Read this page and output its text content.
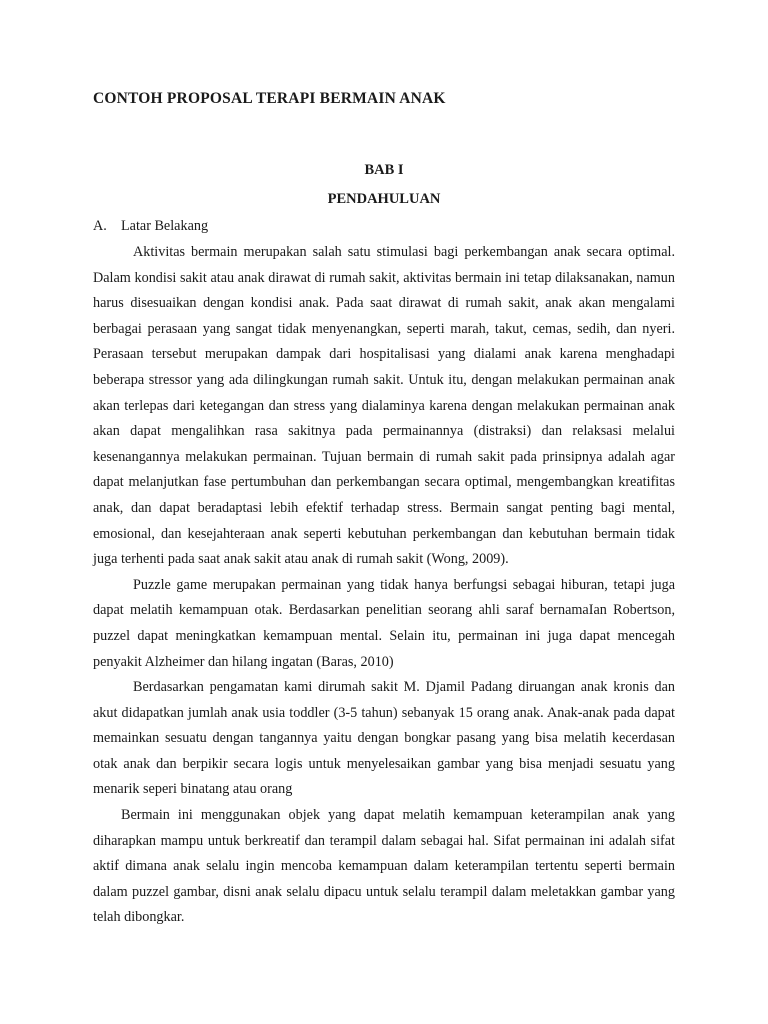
CONTOH PROPOSAL TERAPI BERMAIN ANAK
BAB I
PENDAHULUAN
A. Latar Belakang

Aktivitas bermain merupakan salah satu stimulasi bagi perkembangan anak secara optimal. Dalam kondisi sakit atau anak dirawat di rumah sakit, aktivitas bermain ini tetap dilaksanakan, namun harus disesuaikan dengan kondisi anak. Pada saat dirawat di rumah sakit, anak akan mengalami berbagai perasaan yang sangat tidak menyenangkan, seperti marah, takut, cemas, sedih, dan nyeri. Perasaan tersebut merupakan dampak dari hospitalisasi yang dialami anak karena menghadapi beberapa stressor yang ada dilingkungan rumah sakit. Untuk itu, dengan melakukan permainan anak akan terlepas dari ketegangan dan stress yang dialaminya karena dengan melakukan permainan anak akan dapat mengalihkan rasa sakitnya pada permainannya (distraksi) dan relaksasi melalui kesenangannya melakukan permainan. Tujuan bermain di rumah sakit pada prinsipnya adalah agar dapat melanjutkan fase pertumbuhan dan perkembangan secara optimal, mengembangkan kreatifitas anak, dan dapat beradaptasi lebih efektif terhadap stress. Bermain sangat penting bagi mental, emosional, dan kesejahteraan anak seperti kebutuhan perkembangan dan kebutuhan bermain tidak juga terhenti pada saat anak sakit atau anak di rumah sakit (Wong, 2009).

Puzzle game merupakan permainan yang tidak hanya berfungsi sebagai hiburan, tetapi juga dapat melatih kemampuan otak. Berdasarkan penelitian seorang ahli saraf bernamaIan Robertson, puzzel dapat meningkatkan kemampuan mental. Selain itu, permainan ini juga dapat mencegah penyakit Alzheimer dan hilang ingatan (Baras, 2010)

Berdasarkan pengamatan kami dirumah sakit M. Djamil Padang diruangan anak kronis dan akut didapatkan jumlah anak usia toddler (3-5 tahun) sebanyak 15 orang anak. Anak-anak pada dapat memainkan sesuatu dengan tangannya yaitu dengan bongkar pasang yang bisa melatih kecerdasan otak anak dan berpikir secara logis untuk menyelesaikan gambar yang bisa menjadi sesuatu yang menarik seperi binatang atau orang

Bermain ini menggunakan objek yang dapat melatih kemampuan keterampilan anak yang diharapkan mampu untuk berkreatif dan terampil dalam sebagai hal. Sifat permainan ini adalah sifat aktif dimana anak selalu ingin mencoba kemampuan dalam keterampilan tertentu seperti bermain dalam puzzel gambar, disni anak selalu dipacu untuk selalu terampil dalam meletakkan gambar yang telah dibongkar.
